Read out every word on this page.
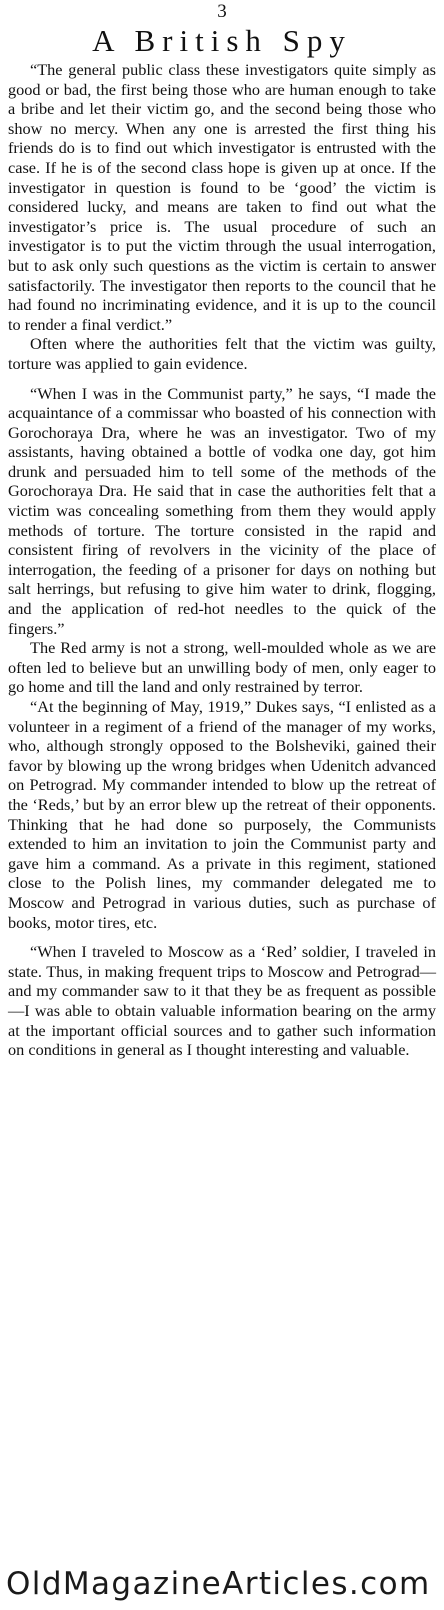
3
A British Spy

“The general public class these investigators quite simply as good or bad, the first being those who are human enough to take a bribe and let their victim go, and the second being those who show no mercy. When any one is arrested the first thing his friends do is to find out which investigator is entrusted with the case. If he is of the second class hope is given up at once. If the investigator in question is found to be ‘good’ the victim is considered lucky, and means are taken to find out what the investigator’s price is. The usual procedure of such an investigator is to put the victim through the usual interrogation, but to ask only such questions as the victim is certain to answer satisfactorily. The investigator then reports to the council that he had found no incriminating evidence, and it is up to the council to render a final verdict.”

Often where the authorities felt that the victim was guilty, torture was applied to gain evidence.

“When I was in the Communist party,” he says, “I made the acquaintance of a commissar who boasted of his connection with Gorochoraya Dra, where he was an investigator. Two of my assistants, having obtained a bottle of vodka one day, got him drunk and persuaded him to tell some of the methods of the Gorochoraya Dra. He said that in case the authorities felt that a victim was concealing something from them they would apply methods of torture. The torture consisted in the rapid and consistent firing of revolvers in the vicinity of the place of interrogation, the feeding of a prisoner for days on nothing but salt herrings, but refusing to give him water to drink, flogging, and the application of red-hot needles to the quick of the fingers.”

The Red army is not a strong, well-moulded whole as we are often led to believe but an unwilling body of men, only eager to go home and till the land and only restrained by terror.

“At the beginning of May, 1919,” Dukes says, “I enlisted as a volunteer in a regiment of a friend of the manager of my works, who, although strongly opposed to the Bolsheviki, gained their favor by blowing up the wrong bridges when Udenitch advanced on Petrograd. My commander intended to blow up the retreat of the ‘Reds,’ but by an error blew up the retreat of their opponents. Thinking that he had done so purposely, the Communists extended to him an invitation to join the Communist party and gave him a command. As a private in this regiment, stationed close to the Polish lines, my commander delegated me to Moscow and Petrograd in various duties, such as purchase of books, motor tires, etc.

“When I traveled to Moscow as a ‘Red’ soldier, I traveled in state. Thus, in making frequent trips to Moscow and Petrograd—and my commander saw to it that they be as frequent as possible—I was able to obtain valuable information bearing on the army at the important official sources and to gather such information on conditions in general as I thought interesting and valuable.

OldMagazineArticles.com
